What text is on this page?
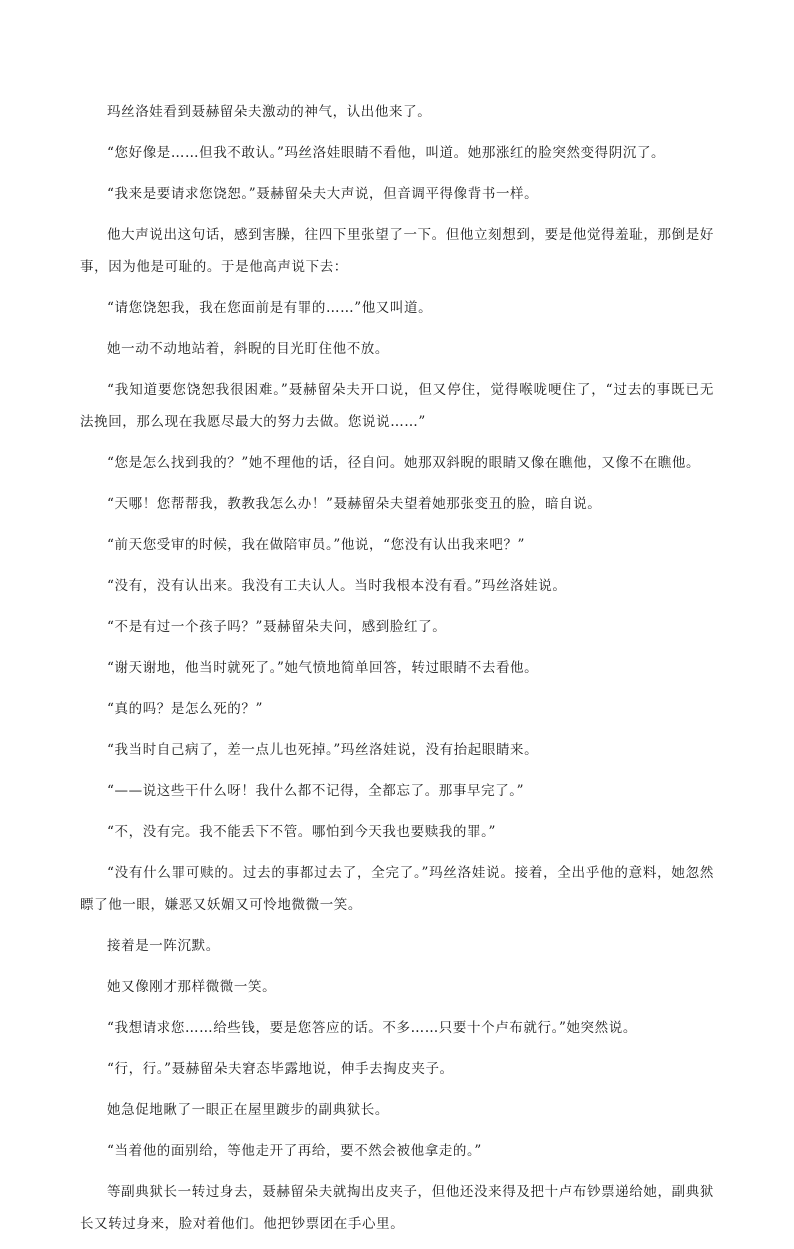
玛丝洛娃看到聂赫留朵夫激动的神气，认出他来了。

“您好像是……但我不敢认。”玛丝洛娃眼睛不看他，叫道。她那涨红的脸突然变得阴沉了。

“我来是要请求您饶恕。”聂赫留朵夫大声说，但音调平得像背书一样。

他大声说出这句话，感到害臊，往四下里张望了一下。但他立刻想到，要是他觉得羞耻，那倒是好事，因为他是可耻的。于是他高声说下去：

“请您饶恕我，我在您面前是有罪的……”他又叫道。

她一动不动地站着，斜睨的目光盯住他不放。

“我知道要您饶恕我很困难。”聂赫留朵夫开口说，但又停住，觉得喉咙哽住了，“过去的事既已无法挽回，那么现在我愿尽最大的努力去做。您说说……”

“您是怎么找到我的？”她不理他的话，径自问。她那双斜睨的眼睛又像在瞧他，又像不在瞧他。

“天哪！您帮帮我，教教我怎么办！”聂赫留朵夫望着她那张变丑的脸，暗自说。

“前天您受审的时候，我在做陪审员。”他说，“您没有认出我来吧？”

“没有，没有认出来。我没有工夫认人。当时我根本没有看。”玛丝洛娃说。

“不是有过一个孩子吗？”聂赫留朵夫问，感到脸红了。

“谢天谢地，他当时就死了。”她气愤地简单回答，转过眼睛不去看他。

“真的吗？是怎么死的？”

“我当时自己病了，差一点儿也死掉。”玛丝洛娃说，没有抬起眼睛来。

“——说这些干什么呀！我什么都不记得，全都忘了。那事早完了。”

“不，没有完。我不能丢下不管。哪怕到今天我也要赎我的罪。”

“没有什么罪可赎的。过去的事都过去了，全完了。”玛丝洛娃说。接着，全出乎他的意料，她忽然瞟了他一眼，嫌恶又妖媚又可怜地微微一笑。

接着是一阵沉默。

她又像刚才那样微微一笑。

“我想请求您……给些钱，要是您答应的话。不多……只要十个卢布就行。”她突然说。

“行，行。”聂赫留朵夫窘态毕露地说，伸手去掏皮夹子。

她急促地瞅了一眼正在屋里踱步的副典狱长。

“当着他的面别给，等他走开了再给，要不然会被他拿走的。”

等副典狱长一转过身去，聂赫留朵夫就掏出皮夹子，但他还没来得及把十卢布钞票递给她，副典狱长又转过身来，脸对着他们。他把钞票团在手心里。
